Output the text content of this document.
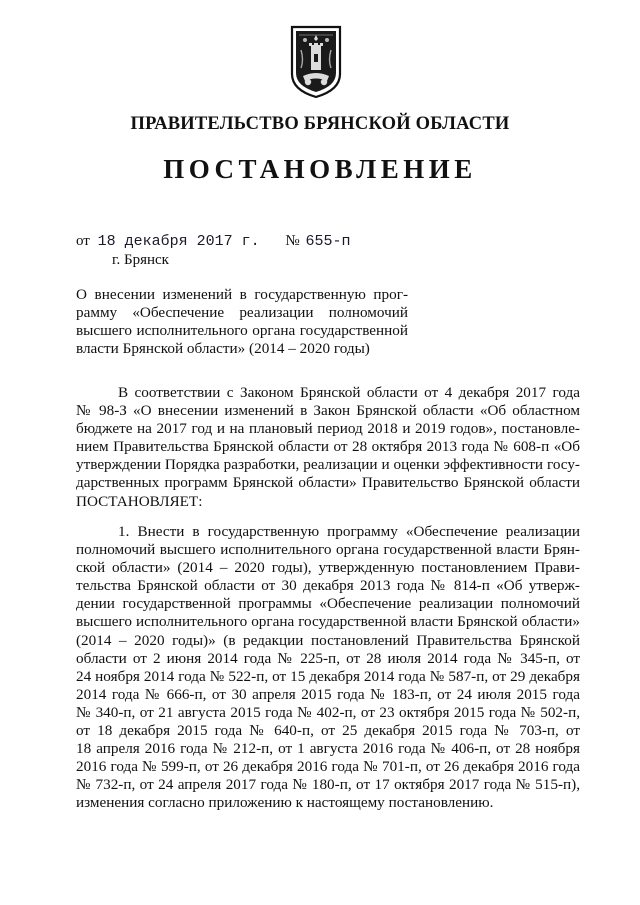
ПРАВИТЕЛЬСТВО БРЯНСКОЙ ОБЛАСТИ
ПОСТАНОВЛЕНИЕ
от 18 декабря 2017 г. № 655-п
г. Брянск
О внесении изменений в государственную прог-
рамму «Обеспечение реализации полномочий
высшего исполнительного органа государственной
власти Брянской области» (2014 – 2020 годы)
В соответствии с Законом Брянской области от 4 декабря 2017 года
№ 98-З «О внесении изменений в Закон Брянской области «Об областном
бюджете на 2017 год и на плановый период 2018 и 2019 годов», постановле-
нием Правительства Брянской области от 28 октября 2013 года № 608-п «Об
утверждении Порядка разработки, реализации и оценки эффективности госу-
дарственных программ Брянской области» Правительство Брянской области
ПОСТАНОВЛЯЕТ:
1. Внести в государственную программу «Обеспечение реализации
полномочий высшего исполнительного органа государственной власти Брян-
ской области» (2014 – 2020 годы), утвержденную постановлением Прави-
тельства Брянской области от 30 декабря 2013 года № 814-п «Об утверж-
дении государственной программы «Обеспечение реализации полномочий
высшего исполнительного органа государственной власти Брянской области»
(2014 – 2020 годы)» (в редакции постановлений Правительства Брянской
области от 2 июня 2014 года № 225-п, от 28 июля 2014 года № 345-п, от
24 ноября 2014 года № 522-п, от 15 декабря 2014 года № 587-п, от 29 декабря
2014 года № 666-п, от 30 апреля 2015 года № 183-п, от 24 июля 2015 года
№ 340-п, от 21 августа 2015 года № 402-п, от 23 октября 2015 года № 502-п,
от 18 декабря 2015 года № 640-п, от 25 декабря 2015 года № 703-п, от
18 апреля 2016 года № 212-п, от 1 августа 2016 года № 406-п, от 28 ноября
2016 года № 599-п, от 26 декабря 2016 года № 701-п, от 26 декабря 2016 года
№ 732-п, от 24 апреля 2017 года № 180-п, от 17 октября 2017 года № 515-п),
изменения согласно приложению к настоящему постановлению.
